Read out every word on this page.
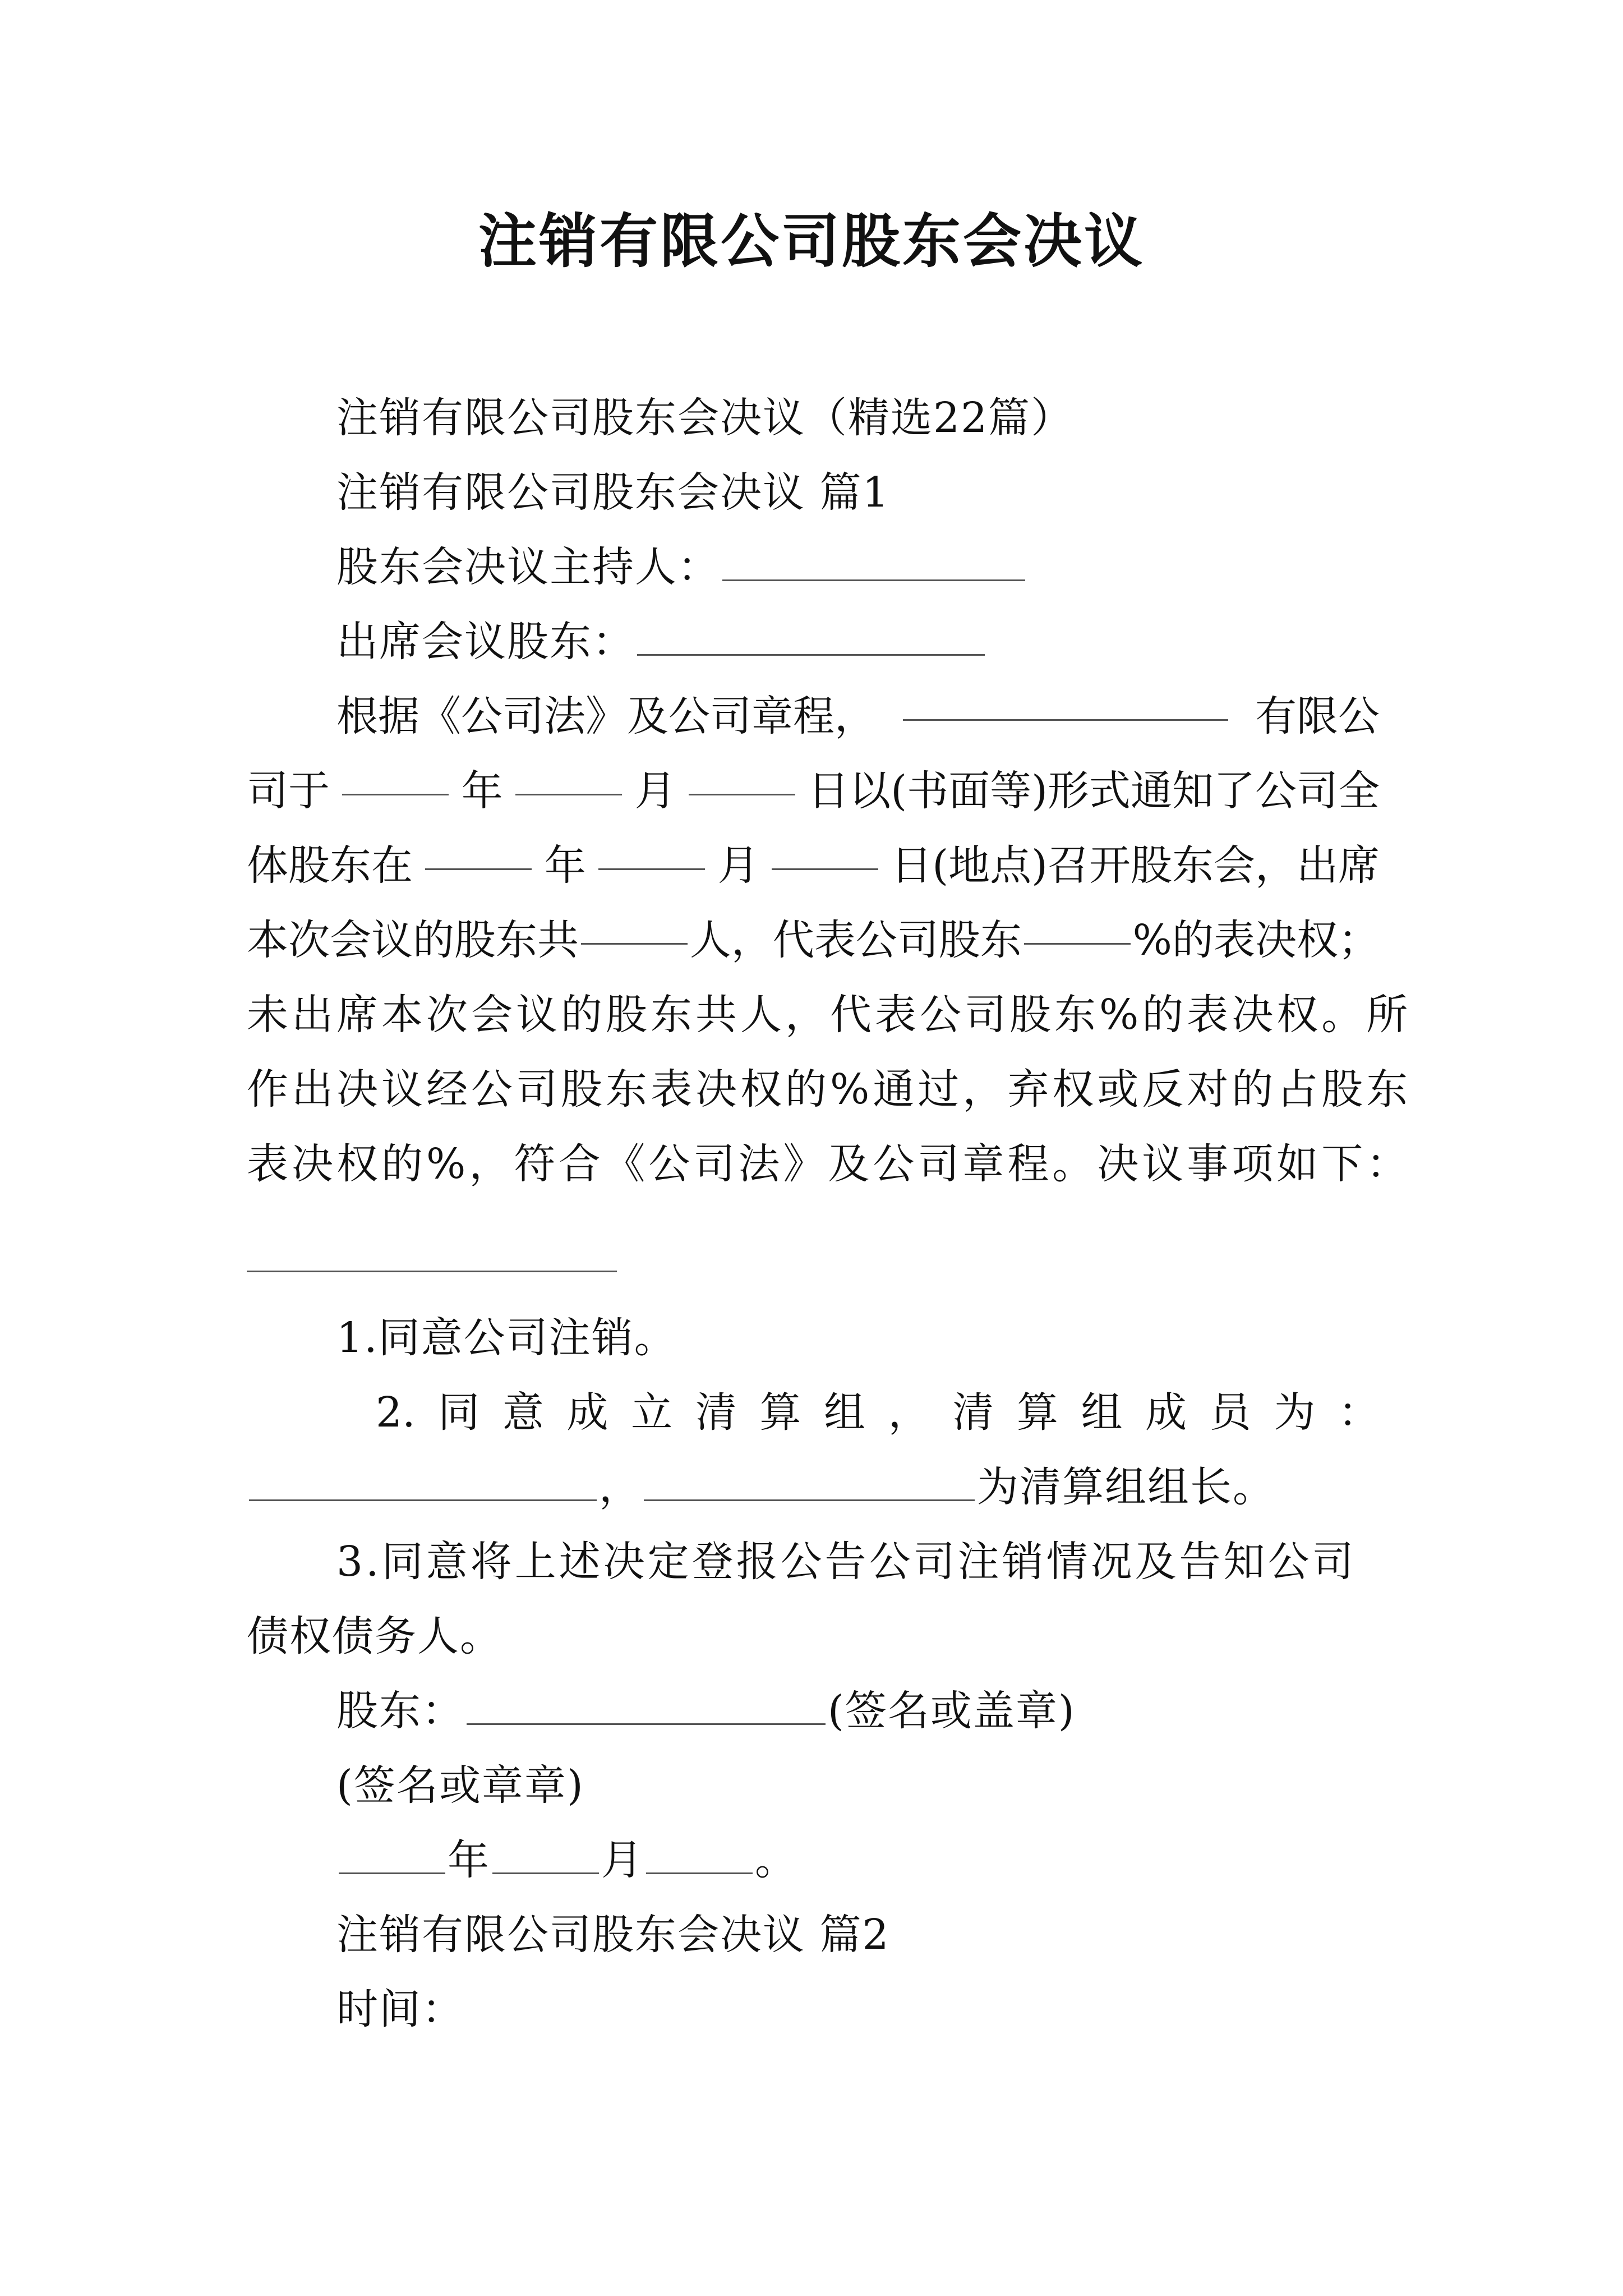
注销有限公司股东会决议
注销有限公司股东会决议（精选22篇）
注销有限公司股东会决议 篇1
股东会决议主持人：
出席会议股东：
根据《公司法》及公司章程，	有限公
司于	年	月	日以(书面等)形式通知了公司全
体股东在	年	月	日(地点)召开股东会，出席
本次会议的股东共	人，代表公司股东	%的表决权；
未出席本次会议的股东共人，代表公司股东%的表决权。所
作出决议经公司股东表决权的%通过，弃权或反对的占股东
表决权的%，符合《公司法》及公司章程。决议事项如下：
1.同意公司注销。
2. 同 意 成 立 清 算 组 ， 清 算 组 成 员 为 ：
，	为清算组组长。
3.同意将上述决定登报公告公司注销情况及告知公司
债权债务人。
股东：	(签名或盖章)
(签名或章章)
年	月	。
注销有限公司股东会决议 篇2
时间：
